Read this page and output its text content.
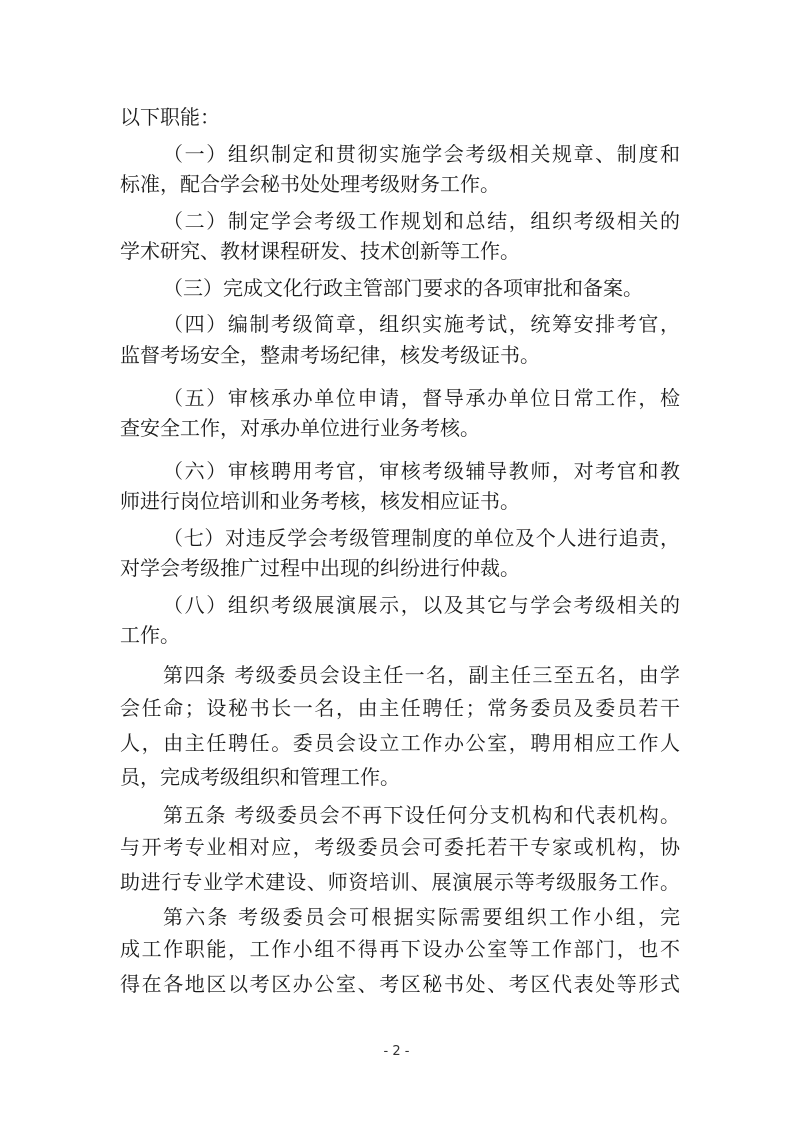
以下职能：
（一）组织制定和贯彻实施学会考级相关规章、制度和
标准，配合学会秘书处处理考级财务工作。
（二）制定学会考级工作规划和总结，组织考级相关的
学术研究、教材课程研发、技术创新等工作。
（三）完成文化行政主管部门要求的各项审批和备案。
（四）编制考级简章，组织实施考试，统筹安排考官，
监督考场安全，整肃考场纪律，核发考级证书。
（五）审核承办单位申请，督导承办单位日常工作，检
查安全工作，对承办单位进行业务考核。
（六）审核聘用考官，审核考级辅导教师，对考官和教
师进行岗位培训和业务考核，核发相应证书。
（七）对违反学会考级管理制度的单位及个人进行追责，
对学会考级推广过程中出现的纠纷进行仲裁。
（八）组织考级展演展示，以及其它与学会考级相关的
工作。
第四条 考级委员会设主任一名，副主任三至五名，由学
会任命；设秘书长一名，由主任聘任；常务委员及委员若干
人，由主任聘任。委员会设立工作办公室，聘用相应工作人
员，完成考级组织和管理工作。
第五条 考级委员会不再下设任何分支机构和代表机构。
与开考专业相对应，考级委员会可委托若干专家或机构，协
助进行专业学术建设、师资培训、展演展示等考级服务工作。
第六条 考级委员会可根据实际需要组织工作小组，完
成工作职能，工作小组不得再下设办公室等工作部门，也不
得在各地区以考区办公室、考区秘书处、考区代表处等形式
- 2 -
